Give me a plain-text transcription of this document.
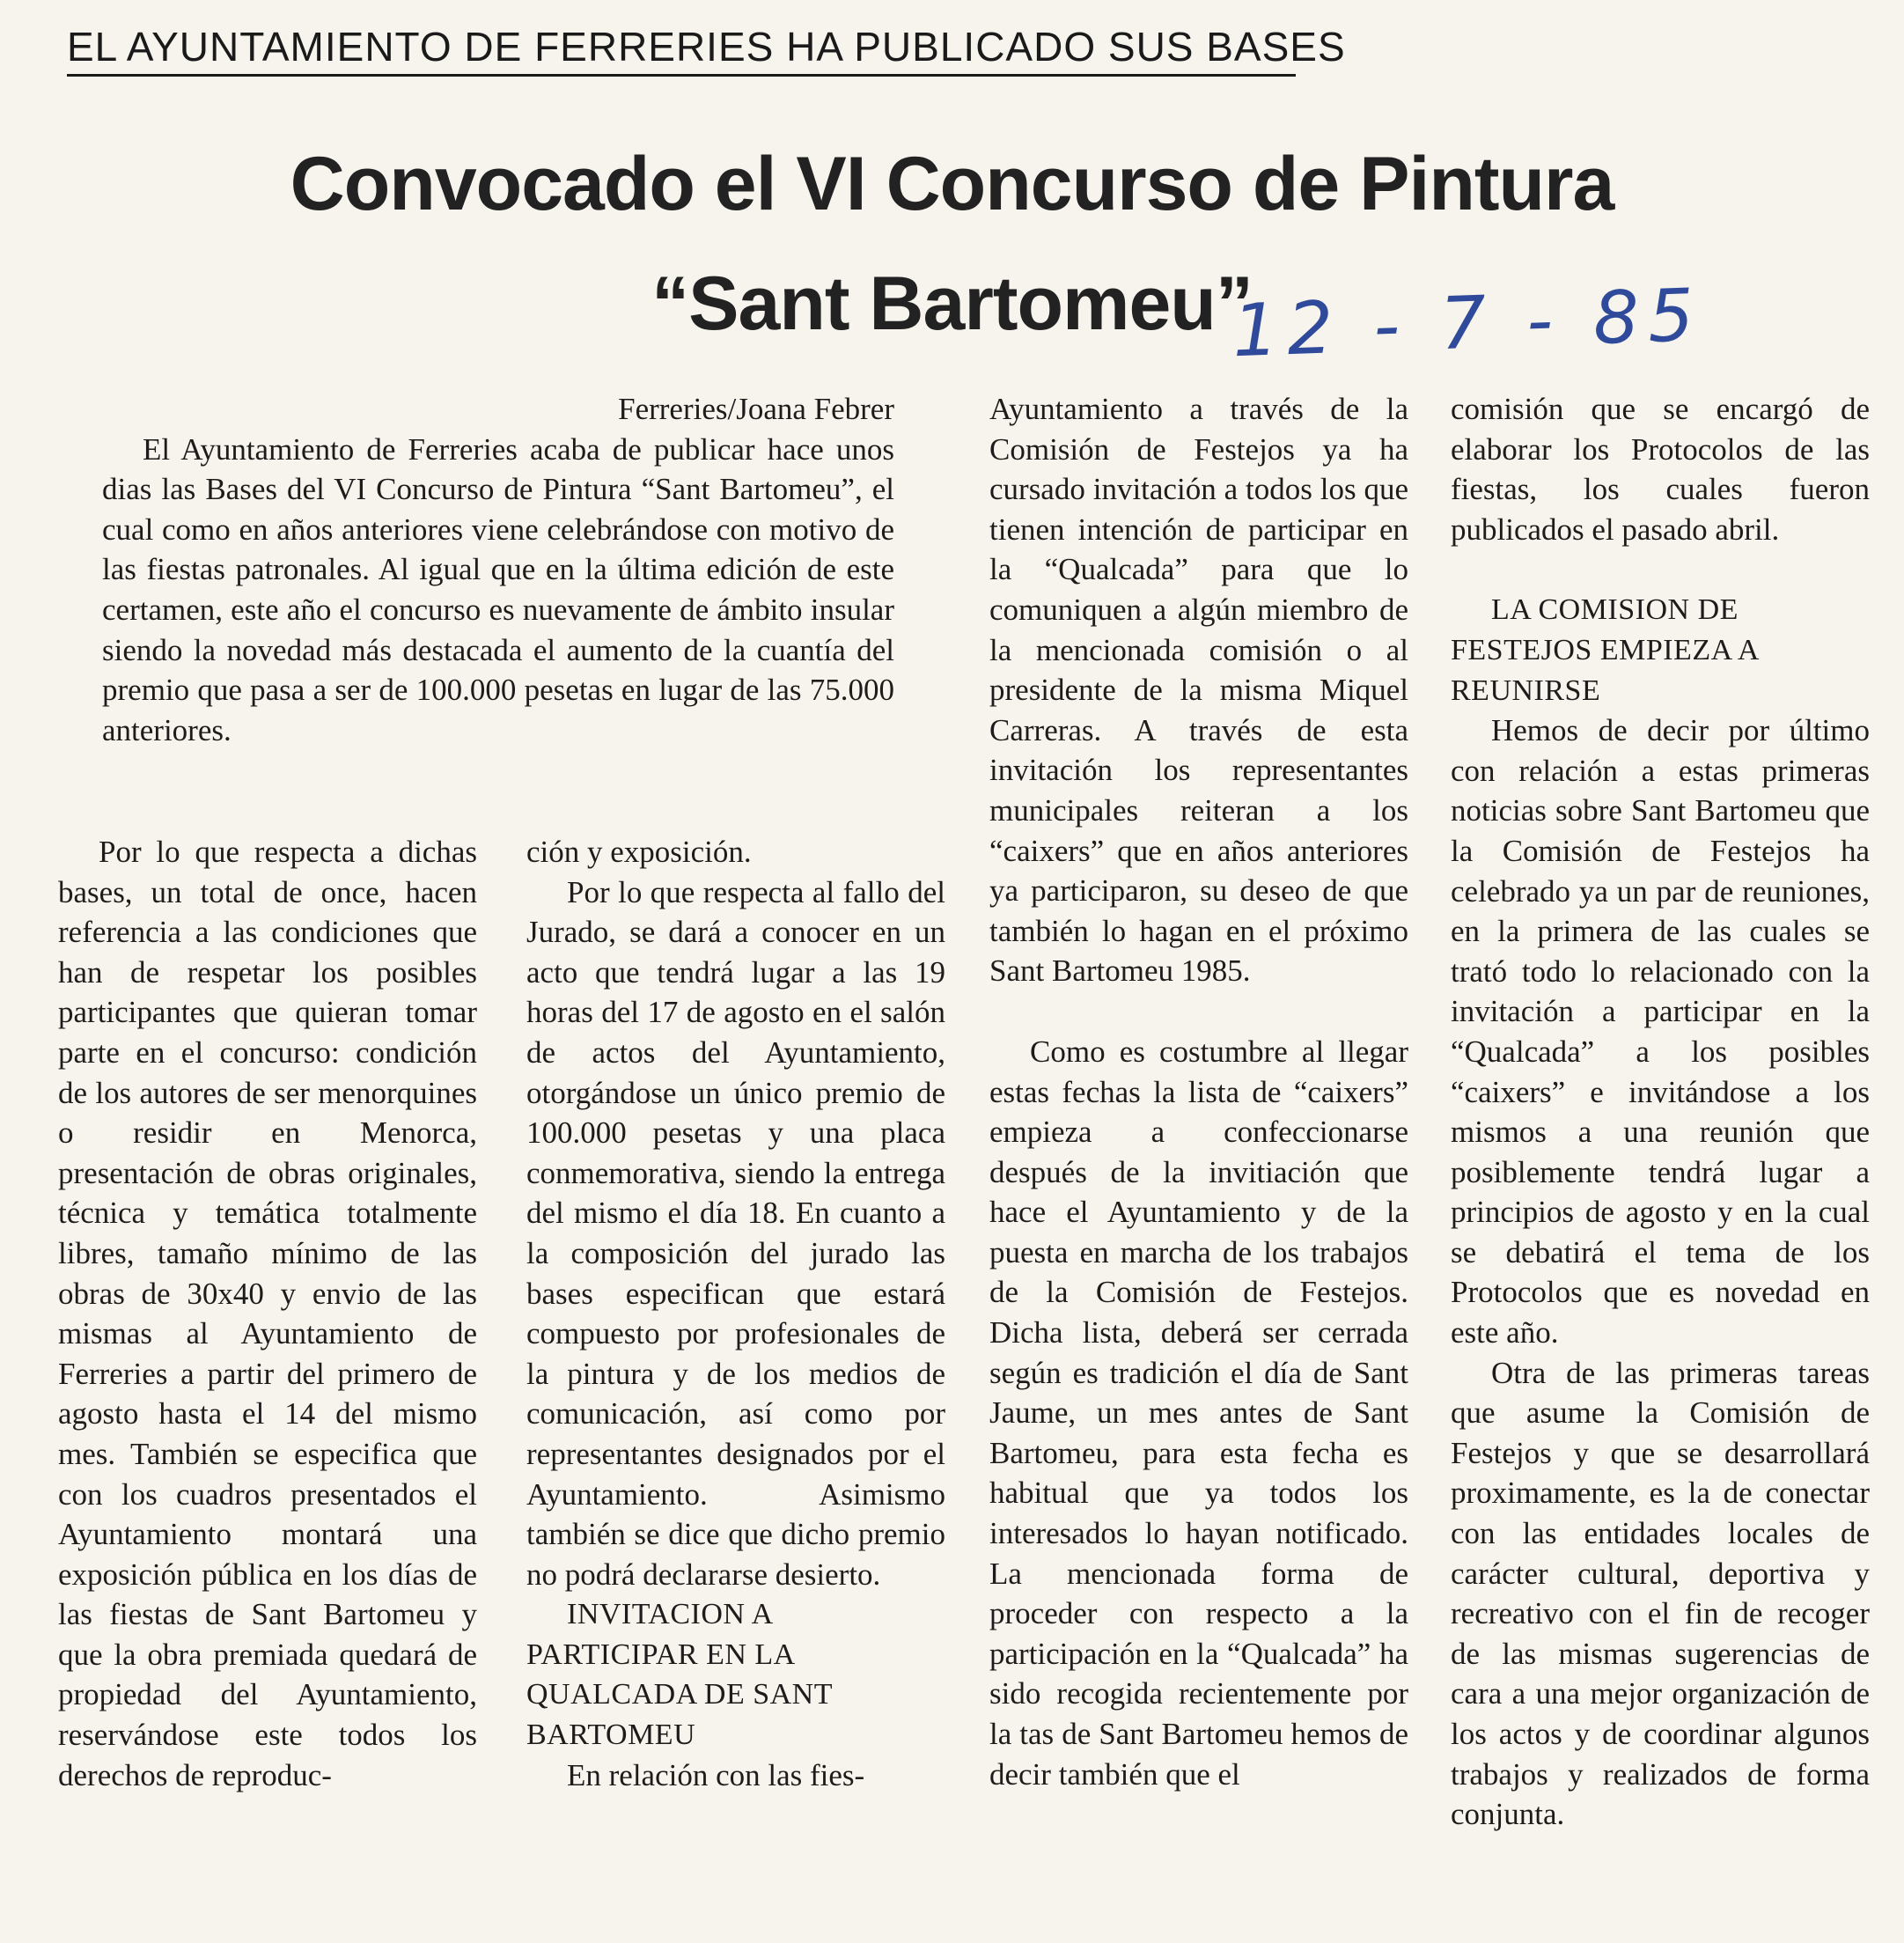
EL AYUNTAMIENTO DE FERRERIES HA PUBLICADO SUS BASES
Convocado el VI Concurso de Pintura
“Sant Bartomeu”
12 - 7 - 85

Ferreries/Joana Febrer

El Ayuntamiento de Ferreries acaba de publicar hace unos dias las Bases del VI Concurso de Pintura “Sant Bartomeu”, el cual como en años anteriores viene celebrándose con motivo de las fiestas patronales. Al igual que en la última edición de este certamen, este año el concurso es nuevamente de ámbito insular siendo la novedad más destacada el aumento de la cuantía del premio que pasa a ser de 100.000 pesetas en lugar de las 75.000 anteriores.

Por lo que respecta a dichas bases, un total de once, hacen referencia a las condiciones que han de respetar los posibles participantes que quieran tomar parte en el concurso: condición de los autores de ser menorquines o residir en Menorca, presentación de obras originales, técnica y temática totalmente libres, tamaño mínimo de las obras de 30x40 y envio de las mismas al Ayuntamiento de Ferreries a partir del primero de agosto hasta el 14 del mismo mes. También se especifica que con los cuadros presentados el Ayuntamiento montará una exposición pública en los días de las fiestas de Sant Bartomeu y que la obra premiada quedará de propiedad del Ayuntamiento, reservándose este todos los derechos de reproduc-

ción y exposición.

Por lo que respecta al fallo del Jurado, se dará a conocer en un acto que tendrá lugar a las 19 horas del 17 de agosto en el salón de actos del Ayuntamiento, otorgándose un único premio de 100.000 pesetas y una placa conmemorativa, siendo la entrega del mismo el día 18. En cuanto a la composición del jurado las bases especifican que estará compuesto por profesionales de la pintura y de los medios de comunicación, así como por representantes designados por el Ayuntamiento. Asimismo también se dice que dicho premio no podrá declararse desierto.

INVITACION A PARTICIPAR EN LA QUALCADA DE SANT BARTOMEU

En relación con las fies-

Ayuntamiento a través de la Comisión de Festejos ya ha cursado invitación a todos los que tienen intención de participar en la “Qualcada” para que lo comuniquen a algún miembro de la mencionada comisión o al presidente de la misma Miquel Carreras. A través de esta invitación los representantes municipales reiteran a los “caixers” que en años anteriores ya participaron, su deseo de que también lo hagan en el próximo Sant Bartomeu 1985.

Como es costumbre al llegar estas fechas la lista de “caixers” empieza a confeccionarse después de la invitiación que hace el Ayuntamiento y de la puesta en marcha de los trabajos de la Comisión de Festejos. Dicha lista, deberá ser cerrada según es tradición el día de Sant Jaume, un mes antes de Sant Bartomeu, para esta fecha es habitual que ya todos los interesados lo hayan notificado. La mencionada forma de proceder con respecto a la participación en la “Qualcada” ha sido recogida recientemente por la tas de Sant Bartomeu hemos de decir también que el

comisión que se encargó de elaborar los Protocolos de las fiestas, los cuales fueron publicados el pasado abril.

LA COMISION DE FESTEJOS EMPIEZA A REUNIRSE

Hemos de decir por último con relación a estas primeras noticias sobre Sant Bartomeu que la Comisión de Festejos ha celebrado ya un par de reuniones, en la primera de las cuales se trató todo lo relacionado con la invitación a participar en la “Qualcada” a los posibles “caixers” e invitándose a los mismos a una reunión que posiblemente tendrá lugar a principios de agosto y en la cual se debatirá el tema de los Protocolos que es novedad en este año.

Otra de las primeras tareas que asume la Comisión de Festejos y que se desarrollará proximamente, es la de conectar con las entidades locales de carácter cultural, deportiva y recreativo con el fin de recoger de las mismas sugerencias de cara a una mejor organización de los actos y de coordinar algunos trabajos y realizados de forma conjunta.
